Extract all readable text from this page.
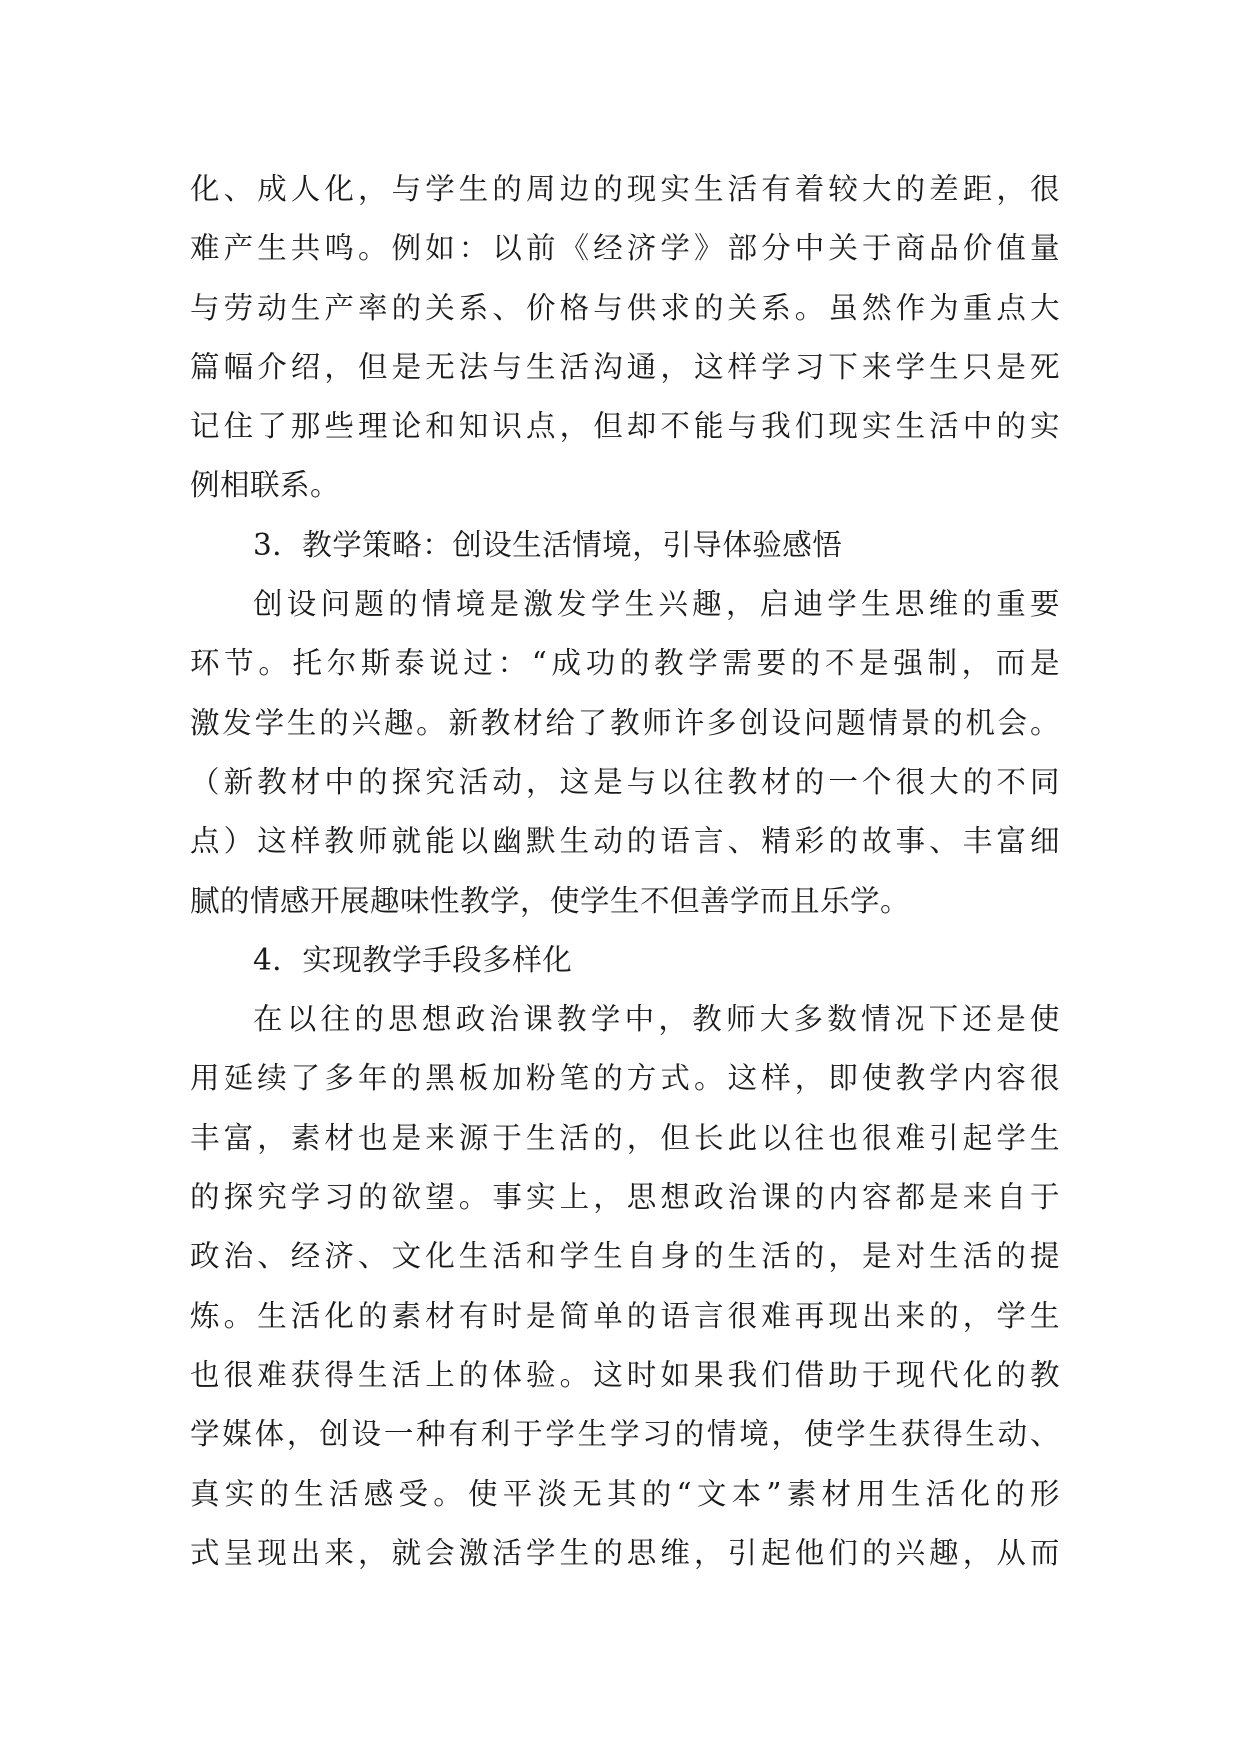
化、成人化，与学生的周边的现实生活有着较大的差距，很
难产生共鸣。例如：以前《经济学》部分中关于商品价值量
与劳动生产率的关系、价格与供求的关系。虽然作为重点大
篇幅介绍，但是无法与生活沟通，这样学习下来学生只是死
记住了那些理论和知识点，但却不能与我们现实生活中的实
例相联系。
3．教学策略：创设生活情境，引导体验感悟
创设问题的情境是激发学生兴趣，启迪学生思维的重要
环节。托尔斯泰说过：“成功的教学需要的不是强制，而是
激发学生的兴趣。新教材给了教师许多创设问题情景的机会。
（新教材中的探究活动，这是与以往教材的一个很大的不同
点）这样教师就能以幽默生动的语言、精彩的故事、丰富细
腻的情感开展趣味性教学，使学生不但善学而且乐学。
4．实现教学手段多样化
在以往的思想政治课教学中，教师大多数情况下还是使
用延续了多年的黑板加粉笔的方式。这样，即使教学内容很
丰富，素材也是来源于生活的，但长此以往也很难引起学生
的探究学习的欲望。事实上，思想政治课的内容都是来自于
政治、经济、文化生活和学生自身的生活的，是对生活的提
炼。生活化的素材有时是简单的语言很难再现出来的，学生
也很难获得生活上的体验。这时如果我们借助于现代化的教
学媒体，创设一种有利于学生学习的情境，使学生获得生动、
真实的生活感受。使平淡无其的“文本”素材用生活化的形
式呈现出来，就会激活学生的思维，引起他们的兴趣，从而
